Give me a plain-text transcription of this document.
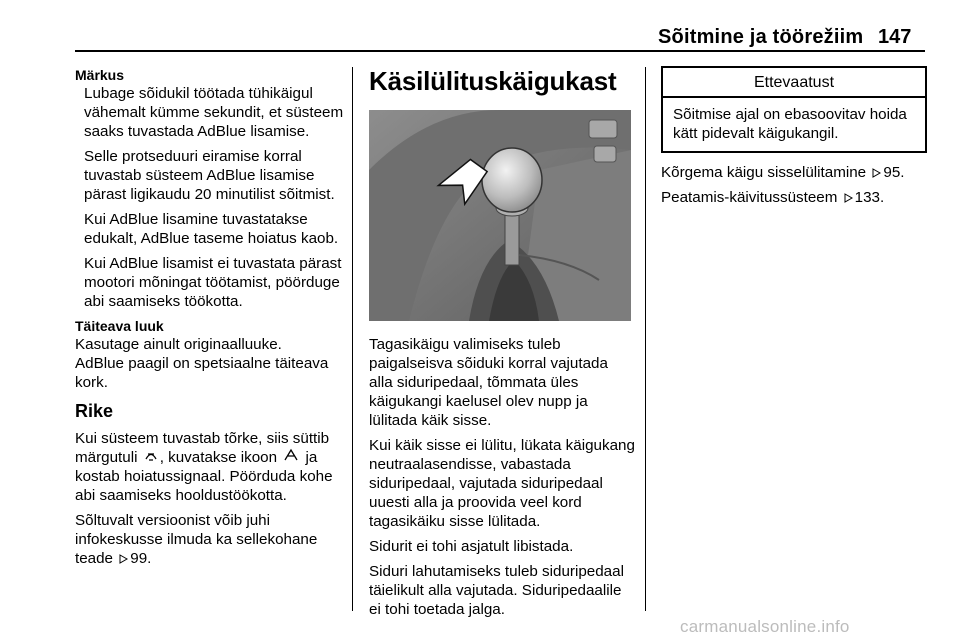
Sõitmine ja töörežiim 147
Märkus

Lubage sõidukil töötada tühikäigul vähemalt kümme sekundit, et süsteem saaks tuvastada AdBlue lisamise.

Selle protseduuri eiramise korral tuvastab süsteem AdBlue lisamise pärast ligikaudu 20 minutilist sõitmist.

Kui AdBlue lisamine tuvastatakse edukalt, AdBlue taseme hoiatus kaob.

Kui AdBlue lisamist ei tuvastata pärast mootori mõningat töötamist, pöörduge abi saamiseks töökotta.

Täiteava luuk
Kasutage ainult originaalluuke.

AdBlue paagil on spetsiaalne täiteava kork.

Rike

Kui süsteem tuvastab tõrke, siis süttib märgutuli , kuvatakse ikoon ja kostab hoiatussignaal. Pöörduda kohe abi saamiseks hooldustöökotta.

Sõltuvalt versioonist võib juhi infokeskusse ilmuda ka sellekohane teade 99.

Käsilülituskäigukast

Tagasikäigu valimiseks tuleb paigalseisva sõiduki korral vajutada alla siduripedaal, tõmmata üles käigukangi kaelusel olev nupp ja lülitada käik sisse.

Kui käik sisse ei lülitu, lükata käigukang neutraalasendisse, vabastada siduripedaal, vajutada siduripedaal uuesti alla ja proovida veel kord tagasikäiku sisse lülitada.

Sidurit ei tohi asjatult libistada.

Siduri lahutamiseks tuleb siduripedaal täielikult alla vajutada. Siduripedaalile ei tohi toetada jalga.

Ettevaatust
Sõitmise ajal on ebasoovitav hoida kätt pidevalt käigukangil.

Kõrgema käigu sisselülitamine 95.

Peatamis-käivitussüsteem 133.

carmanualsonline.info
